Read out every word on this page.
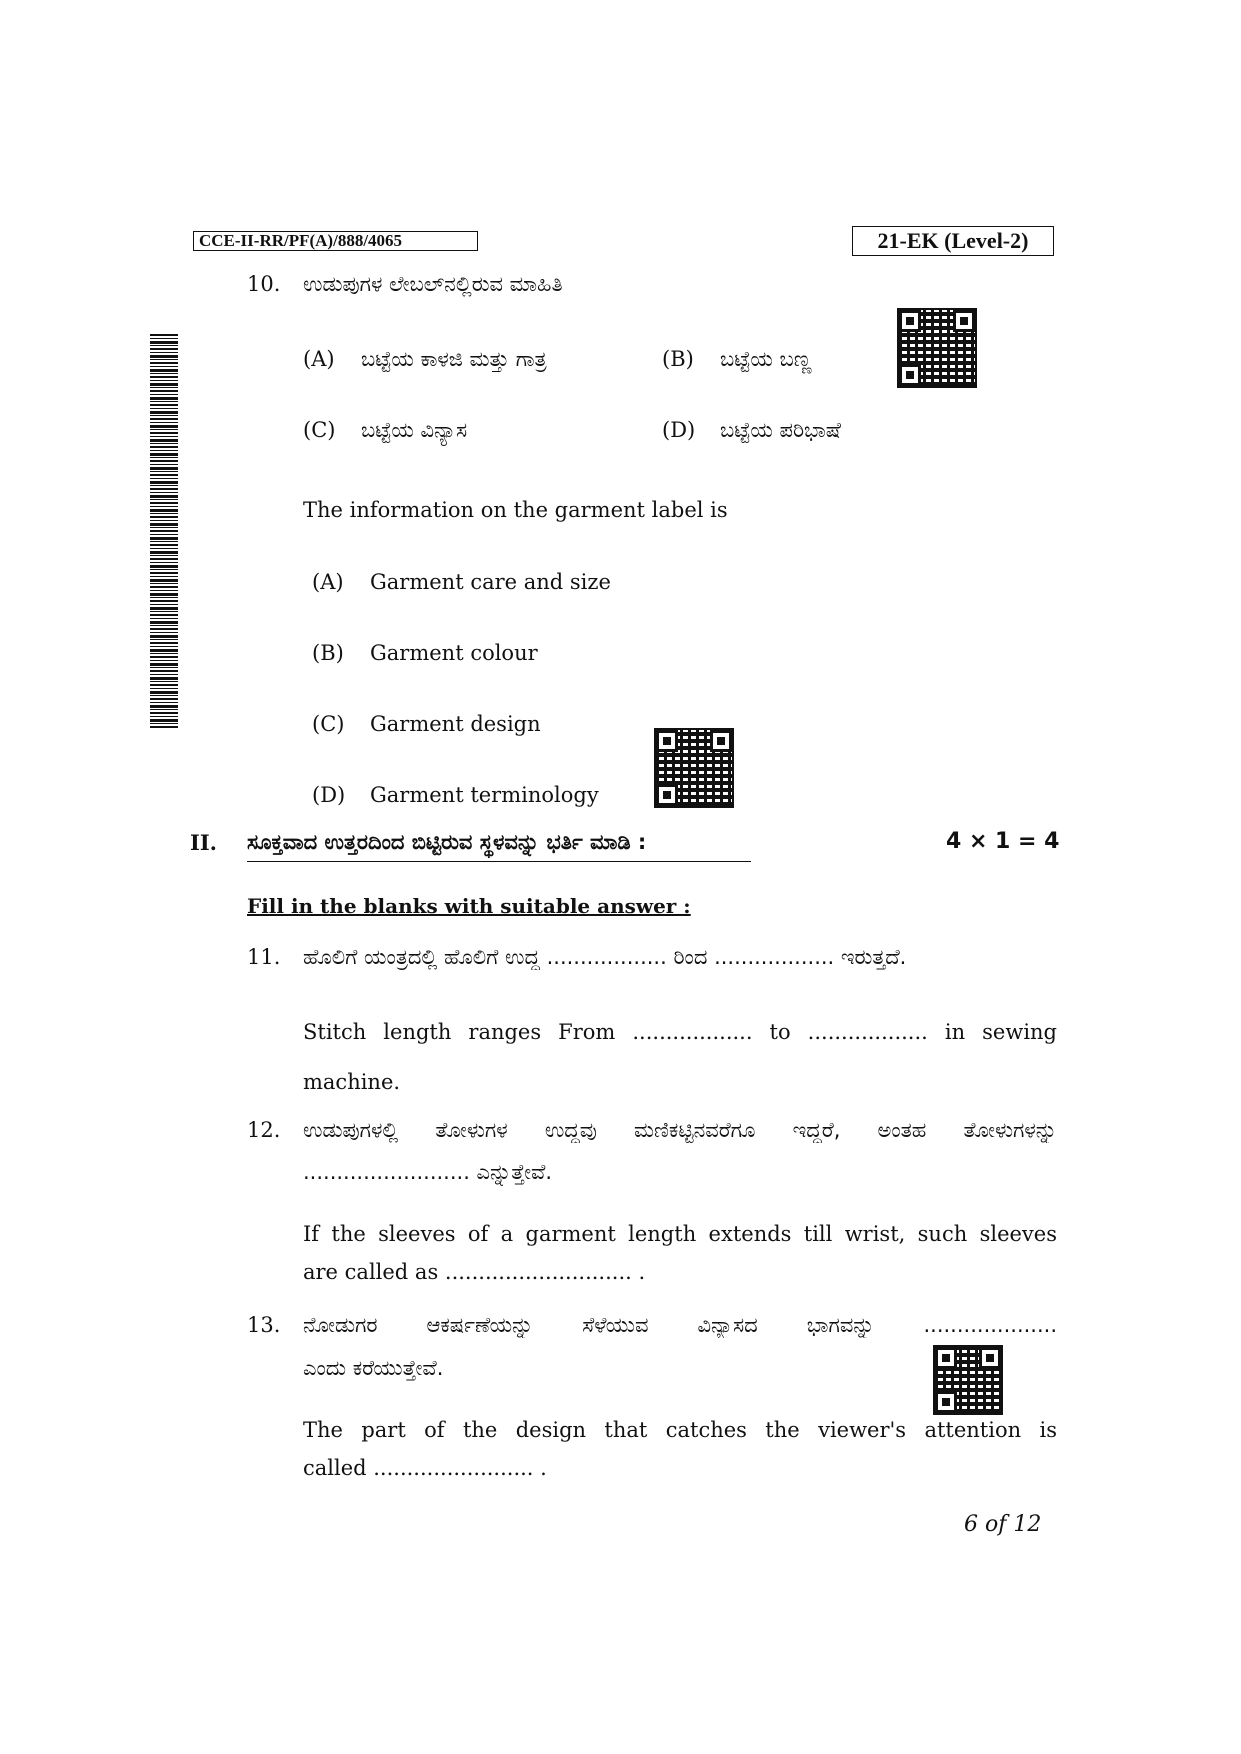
CCE-II-RR/PF(A)/888/4065	21-EK (Level-2)
10. ಉಡುಪುಗಳ ಲೇಬಲ್‌ನಲ್ಲಿರುವ ಮಾಹಿತಿ
(A) ಬಟ್ಟೆಯ ಕಾಳಜಿ ಮತ್ತು ಗಾತ್ರ	(B) ಬಟ್ಟೆಯ ಬಣ್ಣ
(C) ಬಟ್ಟೆಯ ವಿನ್ಯಾಸ	(D) ಬಟ್ಟೆಯ ಪರಿಭಾಷೆ
The information on the garment label is
(A) Garment care and size
(B) Garment colour
(C) Garment design
(D) Garment terminology
II. ಸೂಕ್ತವಾದ ಉತ್ತರದಿಂದ ಬಿಟ್ಟಿರುವ ಸ್ಥಳವನ್ನು ಭರ್ತಿ ಮಾಡಿ :	4 × 1 = 4
Fill in the blanks with suitable answer :
11. ಹೊಲಿಗೆ ಯಂತ್ರದಲ್ಲಿ ಹೊಲಿಗೆ ಉದ್ದ .................. ರಿಂದ .................. ಇರುತ್ತದೆ.
Stitch length ranges From .................. to .................. in sewing
machine.
12. ಉಡುಪುಗಳಲ್ಲಿ ತೋಳುಗಳ ಉದ್ದವು ಮಣಿಕಟ್ಟಿನವರೆಗೂ ಇದ್ದರೆ, ಅಂತಹ ತೋಳುಗಳನ್ನು
......................... ಎನ್ನುತ್ತೇವೆ.
If the sleeves of a garment length extends till wrist, such sleeves
are called as ............................ .
13. ನೋಡುಗರ ಆಕರ್ಷಣೆಯನ್ನು ಸೆಳೆಯುವ ವಿನ್ಯಾಸದ ಭಾಗವನ್ನು ....................
ಎಂದು ಕರೆಯುತ್ತೇವೆ.
The part of the design that catches the viewer's attention is
called ........................ .
6 of 12
